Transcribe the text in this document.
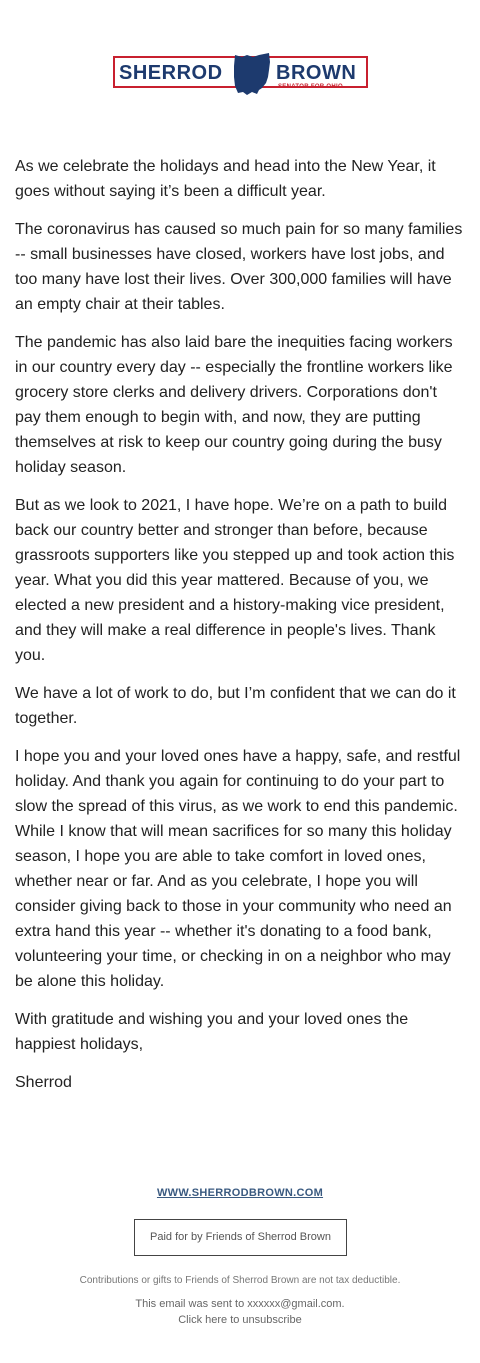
SHERROD	BROWN
SENATOR FOR OHIO

As we celebrate the holidays and head into the New Year, it goes without saying it’s been a difficult year.

The coronavirus has caused so much pain for so many families -- small businesses have closed, workers have lost jobs, and too many have lost their lives. Over 300,000 families will have an empty chair at their tables.

The pandemic has also laid bare the inequities facing workers in our country every day -- especially the frontline workers like grocery store clerks and delivery drivers. Corporations don't pay them enough to begin with, and now, they are putting themselves at risk to keep our country going during the busy holiday season.

But as we look to 2021, I have hope. We’re on a path to build back our country better and stronger than before, because grassroots supporters like you stepped up and took action this year. What you did this year mattered. Because of you, we elected a new president and a history-making vice president, and they will make a real difference in people's lives. Thank you.

We have a lot of work to do, but I’m confident that we can do it together.

I hope you and your loved ones have a happy, safe, and restful holiday. And thank you again for continuing to do your part to slow the spread of this virus, as we work to end this pandemic. While I know that will mean sacrifices for so many this holiday season, I hope you are able to take comfort in loved ones, whether near or far. And as you celebrate, I hope you will consider giving back to those in your community who need an extra hand this year -- whether it's donating to a food bank, volunteering your time, or checking in on a neighbor who may be alone this holiday.

With gratitude and wishing you and your loved ones the happiest holidays,

Sherrod

WWW.SHERRODBROWN.COM
Paid for by Friends of Sherrod Brown
Contributions or gifts to Friends of Sherrod Brown are not tax deductible.
This email was sent to xxxxxx@gmail.com.
Click here to unsubscribe
